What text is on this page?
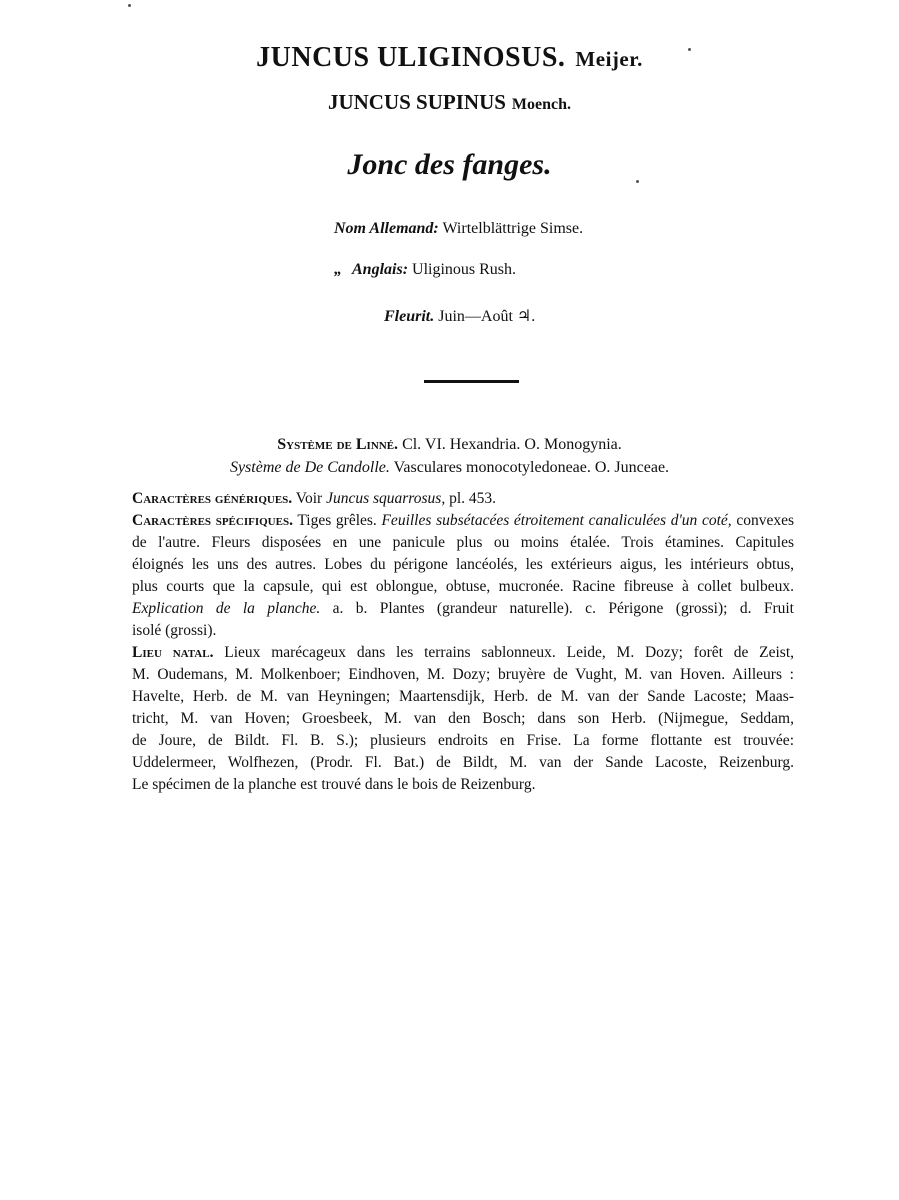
JUNCUS ULIGINOSUS. Meijer.
JUNCUS SUPINUS Moench.
Jonc des fanges.
Nom Allemand: Wirtelblättrige Simse.
„ Anglais: Uliginous Rush.
Fleurit. Juin—Août ♃.
Système de Linné. Cl. VI. Hexandria. O. Monogynia.
Système de De Candolle. Vasculares monocotyledoneae. O. Junceae.
Caractères génériques. Voir Juncus squarrosus, pl. 453.
Caractères spécifiques. Tiges grêles. Feuilles subsétacées étroitement canaliculées d'un coté, convexes
de l'autre. Fleurs disposées en une panicule plus ou moins étalée. Trois étamines. Capitules
éloignés les uns des autres. Lobes du périgone lancéolés, les extérieurs aigus, les intérieurs obtus,
plus courts que la capsule, qui est oblongue, obtuse, mucronée. Racine fibreuse à collet bulbeux.
Explication de la planche. a. b. Plantes (grandeur naturelle). c. Périgone (grossi); d. Fruit
isolé (grossi).
Lieu natal. Lieux marécageux dans les terrains sablonneux. Leide, M. Dozy; forêt de Zeist,
M. Oudemans, M. Molkenboer; Eindhoven, M. Dozy; bruyère de Vught, M. van Hoven. Ailleurs :
Havelte, Herb. de M. van Heyningen; Maartensdijk, Herb. de M. van der Sande Lacoste; Maas-
tricht, M. van Hoven; Groesbeek, M. van den Bosch; dans son Herb. (Nijmegue, Seddam,
de Joure, de Bildt. Fl. B. S.); plusieurs endroits en Frise. La forme flottante est trouvée:
Uddelermeer, Wolfhezen, (Prodr. Fl. Bat.) de Bildt, M. van der Sande Lacoste, Reizenburg.
Le spécimen de la planche est trouvé dans le bois de Reizenburg.
